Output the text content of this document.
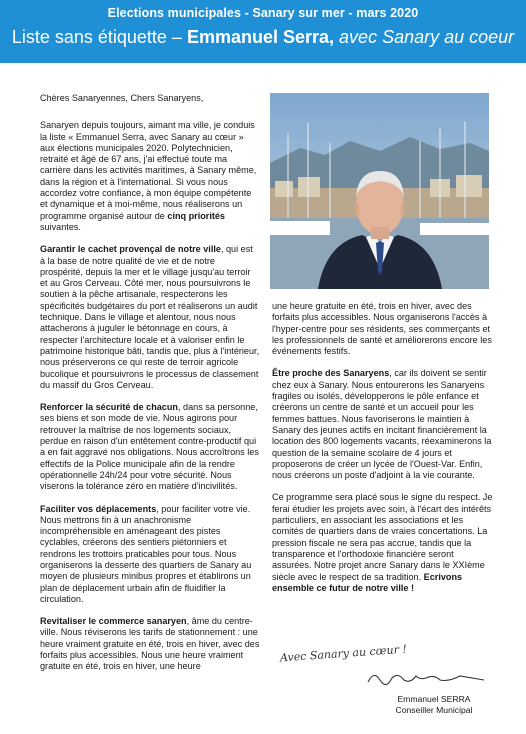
Elections municipales - Sanary sur mer - mars 2020
Liste sans étiquette – Emmanuel Serra, avec Sanary au coeur

Chères Sanaryennes, Chers Sanaryens,

Sanaryen depuis toujours, aimant ma ville, je conduis la liste « Emmanuel Serra, avec Sanary au cœur » aux élections municipales 2020. Polytechnicien, retraité et âgé de 67 ans, j'ai effectué toute ma carrière dans les activités maritimes, à Sanary même, dans la région et à l'international. Si vous nous accordez votre confiance, à mon équipe compétente et dynamique et à moi-même, nous réaliserons un programme organisé autour de cinq priorités suivantes.

Garantir le cachet provençal de notre ville, qui est à la base de notre qualité de vie et de notre prospérité, depuis la mer et le village jusqu'au terroir et au Gros Cerveau. Côté mer, nous poursuivrons le soutien à la pêche artisanale, respecterons les spécificités budgétaires du port et réaliserons un audit technique. Dans le village et alentour, nous nous attacherons à juguler le bétonnage en cours, à respecter l'architecture locale et à valoriser enfin le patrimoine historique bâti, tandis que, plus à l'intérieur, nous préserverons ce qui reste de terroir agricole bucolique et poursuivrons le processus de classement du massif du Gros Cerveau.

Renforcer la sécurité de chacun, dans sa personne, ses biens et son mode de vie. Nous agirons pour retrouver la maîtrise de nos logements sociaux, perdue en raison d'un entêtement contre-productif qui a en fait aggravé nos obligations. Nous accroîtrons les effectifs de la Police municipale afin de la rendre opérationnelle 24h/24 pour votre sécurité. Nous viserons la tolérance zéro en matière d'incivilités.

Faciliter vos déplacements, pour faciliter votre vie. Nous mettrons fin à un anachronisme incompréhensible en aménageant des pistes cyclables, créerons des sentiers piétonniers et rendrons les trottoirs praticables pour tous. Nous organiserons la desserte des quartiers de Sanary au moyen de plusieurs minibus propres et établirons un plan de déplacement urbain afin de fluidifier la circulation.

Revitaliser le commerce sanaryen, âme du centre-ville. Nous réviserons les tarifs de stationnement : une heure vraiment gratuite en été, trois en hiver, avec des forfaits plus accessibles. Nous une heure vraiment gratuite en été, trois en hiver, une heure

une heure gratuite en été, trois en hiver, avec des forfaits plus accessibles. Nous organiserons l'accès à l'hyper-centre pour ses résidents, ses commerçants et les professionnels de santé et améliorerons encore les événements festifs.

Être proche des Sanaryens, car ils doivent se sentir chez eux à Sanary. Nous entourerons les Sanaryens fragiles ou isolés, développerons le pôle enfance et créerons un centre de santé et un accueil pour les femmes battues. Nous favoriserons le maintien à Sanary des jeunes actifs en incitant financièrement la location des 800 logements vacants, réexaminerons la question de la semaine scolaire de 4 jours et proposerons de créer un lycée de l'Ouest-Var. Enfin, nous créerons un poste d'adjoint à la vie courante.

Ce programme sera placé sous le signe du respect. Je ferai étudier les projets avec soin, à l'écart des intérêts particuliers, en associant les associations et les comités de quartiers dans de vraies concertations. La pression fiscale ne sera pas accrue, tandis que la transparence et l'orthodoxie financière seront assurées. Notre projet ancre Sanary dans le XXIème siècle avec le respect de sa tradition. Ecrivons ensemble ce futur de notre ville !

Avec Sanary au cœur !
Emmanuel SERRA
Conseiller Municipal
